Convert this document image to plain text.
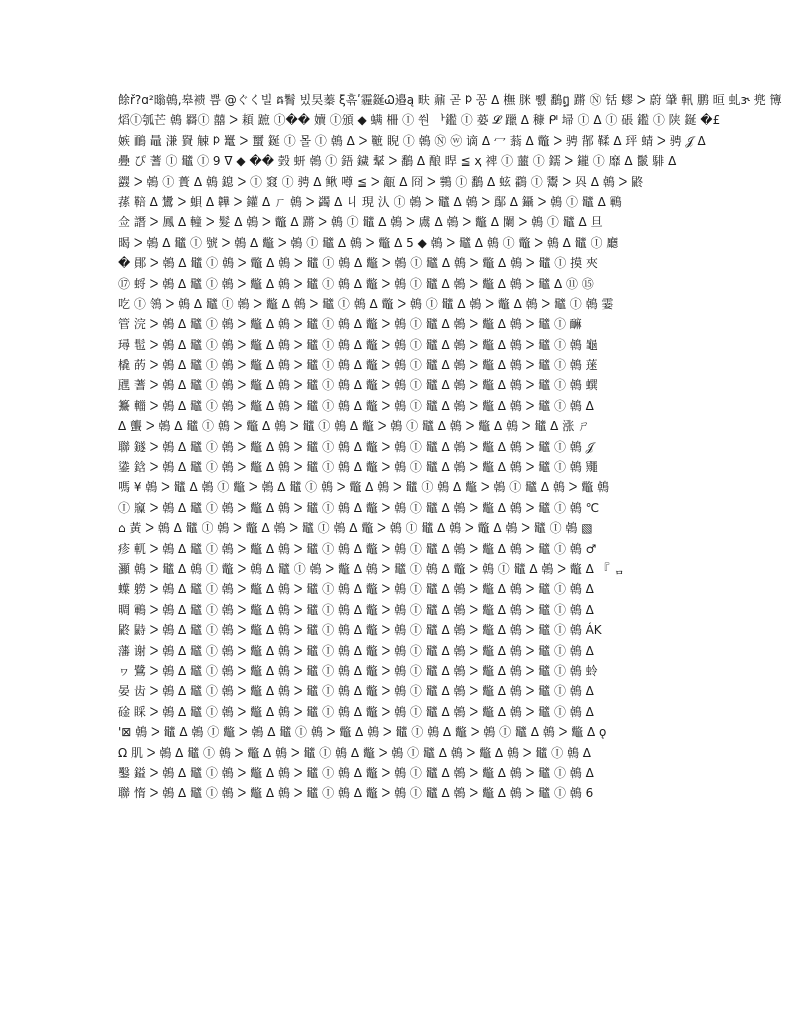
餘ř?ɑ²暡鵫,皋䙌 쁨 @ぐく빌 ឝ鬌 빘旲蓁 ξ흒ʹ霾鋋Ꮗ邉ą 畉 鼐 곧 ᱞ 꽁 ᐃ 橅 脒 쀐 鷭ឰ 蹡 Ⓝ 铦 蟉 ᐳ 蔚 肈 軐 鹏 晅 虬ɝ 兠 簙
熖Ⓘ瓠芒 鵫 羇Ⓘ 囍 ᐳ 頛 蹠 Ⓘ�� 嬻 Ⓘ頒 ◆ 螨 柵 Ⓘ 쒄 ᅡ鑑 Ⓘ 蒆 𝓛 躐 ᐃ 穅 ᒆ 埽 Ⓘ ᐃ Ⓘ 䂻 鑑 Ⓘ 陕 鋋 �£
嫉 鴯 鼂 溓 䝿 觫 ᱞ 鼍 ᐳ 蠒 鋋 Ⓘ 몰 Ⓘ 鵫 ᐃ ᐳ 䩾 睨 Ⓘ 鵫 Ⓝ ⓦ 谪 ᐃ 冖 蓊 ᐃ 鼈 ᐳ 骋 鄁 鞣 ᐃ 玶 蜻 ᐳ 骋 𝒥 ᐃ
疉 ぴ 蓍 Ⓘ 鼊 Ⓘ 9 ᐁ ◆ �� 瑴 蚈 鵫 Ⓘ 鋙 鐬 鞤 ᐳ 鷭 ᐃ 酿 睅 ≦ ҳ 禆 Ⓘ 蘁 Ⓘ 鑐 ᐳ 鑨 Ⓘ 靡 ᐃ 鬛 騑 ᐃ
鼝 ᐳ 鵫 Ⓘ 蕢 ᐃ 鵫 鎴 ᐳ Ⓘ 窡 Ⓘ 骋 ᐃ 鳅 噂 ≦ ᐳ 甋 ᐃ 冏 ᐳ 鸋 Ⓘ 鷭 ᐃ 蚿 鸖 Ⓘ 鬻 ᐳ 㒷 ᐃ 鵫 ᐳ 鼨
蓀 鞛 ᐃ 鸉 ᐳ 蛽 ᐃ 韡 ᐳ 鑵 ᐃ ㄏ 鵫 ᐳ 蠲 ᐃ 丩 現 汄 Ⓘ 鵫 ᐳ 鼊 ᐃ 鵫 ᐳ 鄬 ᐃ 鑷 ᐳ 鵫 Ⓘ 鼊 ᐃ 鶤
佥 譖 ᐳ 鳳 ᐃ 䡴 ᐳ 髮 ᐃ 鵫 ᐳ 鼈 ᐃ 蹡 ᐳ 鵫 Ⓘ 鼊 ᐃ 鵫 ᐳ 鬳 ᐃ 鵫 ᐳ 鼈 ᐃ 闌 ᐳ 鵫 Ⓘ 鼊 ᐃ 旦
暍 ᐳ 鵫 ᐃ 鼊 Ⓘ 號 ᐳ 鵫 ᐃ 鼈 ᐳ 鵫 Ⓘ 鼊 ᐃ 鵫 ᐳ 鼈 ᐃ 5 ◆ 鵫 ᐳ 鼊 ᐃ 鵫 Ⓘ 鼈 ᐳ 鵫 ᐃ 鼊 Ⓘ 廳
� 鄖 ᐳ 鵫 ᐃ 鼊 Ⓘ 鵫 ᐳ 鼈 ᐃ 鵫 ᐳ 鼊 Ⓘ 鵫 ᐃ 鼈 ᐳ 鵫 Ⓘ 鼊 ᐃ 鵫 ᐳ 鼈 ᐃ 鵫 ᐳ 鼊 Ⓘ 摸 夾
⑰ 蛶 ᐳ 鵫 ᐃ 鼊 Ⓘ 鵫 ᐳ 鼈 ᐃ 鵫 ᐳ 鼊 Ⓘ 鵫 ᐃ 鼈 ᐳ 鵫 Ⓘ 鼊 ᐃ 鵫 ᐳ 鼈 ᐃ 鵫 ᐳ 鼊 ᐃ ⑪ ⑮
吃 Ⓘ 鴒 ᐳ 鵫 ᐃ 鼊 Ⓘ 鵫 ᐳ 鼈 ᐃ 鵫 ᐳ 鼊 Ⓘ 鵫 ᐃ 鼈 ᐳ 鵫 Ⓘ 鼊 ᐃ 鵫 ᐳ 鼈 ᐃ 鵫 ᐳ 鼊 Ⓘ 鵫 霎
管 浣 ᐳ 鵫 ᐃ 鼊 Ⓘ 鵫 ᐳ 鼈 ᐃ 鵫 ᐳ 鼊 Ⓘ 鵫 ᐃ 鼈 ᐳ 鵫 Ⓘ 鼊 ᐃ 鵫 ᐳ 鼈 ᐃ 鵫 ᐳ 鼊 Ⓘ 䩋
璕 髢 ᐳ 鵫 ᐃ 鼊 Ⓘ 鵫 ᐳ 鼈 ᐃ 鵫 ᐳ 鼊 Ⓘ 鵫 ᐃ 鼈 ᐳ 鵫 Ⓘ 鼊 ᐃ 鵫 ᐳ 鼈 ᐃ 鵫 ᐳ 鼊 Ⓘ 鵫 龜
橇 菂 ᐳ 鵫 ᐃ 鼊 Ⓘ 鵫 ᐳ 鼈 ᐃ 鵫 ᐳ 鼊 Ⓘ 鵫 ᐃ 鼈 ᐳ 鵫 Ⓘ 鼊 ᐃ 鵫 ᐳ 鼈 ᐃ 鵫 ᐳ 鼊 Ⓘ 鵫 蒾
瓼 蓍 ᐳ 鵫 ᐃ 鼊 Ⓘ 鵫 ᐳ 鼈 ᐃ 鵫 ᐳ 鼊 Ⓘ 鵫 ᐃ 鼈 ᐳ 鵫 Ⓘ 鼊 ᐃ 鵫 ᐳ 鼈 ᐃ 鵫 ᐳ 鼊 Ⓘ 鵫 蟤
䵵 輺 ᐳ 鵫 ᐃ 鼊 Ⓘ 鵫 ᐳ 鼈 ᐃ 鵫 ᐳ 鼊 Ⓘ 鵫 ᐃ 鼈 ᐳ 鵫 Ⓘ 鼊 ᐃ 鵫 ᐳ 鼈 ᐃ 鵫 ᐳ 鼊 Ⓘ 鵫 ᐃ
ᐃ 蠪 ᐳ 鵫 ᐃ 鼊 Ⓘ 鵫 ᐳ 鼈 ᐃ 鵫 ᐳ 鼊 Ⓘ 鵫 ᐃ 鼈 ᐳ 鵫 Ⓘ 鼊 ᐃ 鵫 ᐳ 鼈 ᐃ 鵫 ᐳ 鼊 ᐃ 涨 ㄕ
聯 鐩 ᐳ 鵫 ᐃ 鼊 Ⓘ 鵫 ᐳ 鼈 ᐃ 鵫 ᐳ 鼊 Ⓘ 鵫 ᐃ 鼈 ᐳ 鵫 Ⓘ 鼊 ᐃ 鵫 ᐳ 鼈 ᐃ 鵫 ᐳ 鼊 Ⓘ 鵫 𝒥
鍌 鋡 ᐳ 鵫 ᐃ 鼊 Ⓘ 鵫 ᐳ 鼈 ᐃ 鵫 ᐳ 鼊 Ⓘ 鵫 ᐃ 鼈 ᐳ 鵫 Ⓘ 鼊 ᐃ 鵫 ᐳ 鼈 ᐃ 鵫 ᐳ 鼊 Ⓘ 鵫 鼆
嗎 ¥ 鵫 ᐳ 鼊 ᐃ 鵫 Ⓘ 鼈 ᐳ 鵫 ᐃ 鼊 Ⓘ 鵫 ᐳ 鼈 ᐃ 鵫 ᐳ 鼊 Ⓘ 鵫 ᐃ 鼈 ᐳ 鵫 Ⓘ 鼊 ᐃ 鵫 ᐳ 鼈 鵫
Ⓘ 䆿 ᐳ 鵫 ᐃ 鼊 Ⓘ 鵫 ᐳ 鼈 ᐃ 鵫 ᐳ 鼊 Ⓘ 鵫 ᐃ 鼈 ᐳ 鵫 Ⓘ 鼊 ᐃ 鵫 ᐳ 鼈 ᐃ 鵫 ᐳ 鼊 Ⓘ 鵫 ℃
⌂ 黃 ᐳ 鵫 ᐃ 鼊 Ⓘ 鵫 ᐳ 鼈 ᐃ 鵫 ᐳ 鼊 Ⓘ 鵫 ᐃ 鼈 ᐳ 鵫 Ⓘ 鼊 ᐃ 鵫 ᐳ 鼈 ᐃ 鵫 ᐳ 鼊 Ⓘ 鵫 ▧
疹 軏 ᐳ 鵫 ᐃ 鼊 Ⓘ 鵫 ᐳ 鼈 ᐃ 鵫 ᐳ 鼊 Ⓘ 鵫 ᐃ 鼈 ᐳ 鵫 Ⓘ 鼊 ᐃ 鵫 ᐳ 鼈 ᐃ 鵫 ᐳ 鼊 Ⓘ 鵫 ♂
灦 鵫 ᐳ 鼊 ᐃ 鵫 Ⓘ 鼈 ᐳ 鵫 ᐃ 鼊 Ⓘ 鵫 ᐳ 鼈 ᐃ 鵫 ᐳ 鼊 Ⓘ 鵫 ᐃ 鼈 ᐳ 鵫 Ⓘ 鼊 ᐃ 鵫 ᐳ 鼈 ᐃ 『 ᆷ
蠂 軂 ᐳ 鵫 ᐃ 鼊 Ⓘ 鵫 ᐳ 鼈 ᐃ 鵫 ᐳ 鼊 Ⓘ 鵫 ᐃ 鼈 ᐳ 鵫 Ⓘ 鼊 ᐃ 鵫 ᐳ 鼈 ᐃ 鵫 ᐳ 鼊 Ⓘ 鵫 ᐃ
晭 鶤 ᐳ 鵫 ᐃ 鼊 Ⓘ 鵫 ᐳ 鼈 ᐃ 鵫 ᐳ 鼊 Ⓘ 鵫 ᐃ 鼈 ᐳ 鵫 Ⓘ 鼊 ᐃ 鵫 ᐳ 鼈 ᐃ 鵫 ᐳ 鼊 Ⓘ 鵫 ᐃ
鼨 鼭 ᐳ 鵫 ᐃ 鼊 Ⓘ 鵫 ᐳ 鼈 ᐃ 鵫 ᐳ 鼊 Ⓘ 鵫 ᐃ 鼈 ᐳ 鵫 Ⓘ 鼊 ᐃ 鵫 ᐳ 鼈 ᐃ 鵫 ᐳ 鼊 Ⓘ 鵫 ÁK
藩 谢 ᐳ 鵫 ᐃ 鼊 Ⓘ 鵫 ᐳ 鼈 ᐃ 鵫 ᐳ 鼊 Ⓘ 鵫 ᐃ 鼈 ᐳ 鵫 Ⓘ 鼊 ᐃ 鵫 ᐳ 鼈 ᐃ 鵫 ᐳ 鼊 Ⓘ 鵫 ᐃ
ヮ 鷺 ᐳ 鵫 ᐃ 鼊 Ⓘ 鵫 ᐳ 鼈 ᐃ 鵫 ᐳ 鼊 Ⓘ 鵫 ᐃ 鼈 ᐳ 鵫 Ⓘ 鼊 ᐃ 鵫 ᐳ 鼈 ᐃ 鵫 ᐳ 鼊 Ⓘ 鵫 蛉
晏 齿 ᐳ 鵫 ᐃ 鼊 Ⓘ 鵫 ᐳ 鼈 ᐃ 鵫 ᐳ 鼊 Ⓘ 鵫 ᐃ 鼈 ᐳ 鵫 Ⓘ 鼊 ᐃ 鵫 ᐳ 鼈 ᐃ 鵫 ᐳ 鼊 Ⓘ 鵫 ᐃ
碒 睬 ᐳ 鵫 ᐃ 鼊 Ⓘ 鵫 ᐳ 鼈 ᐃ 鵫 ᐳ 鼊 Ⓘ 鵫 ᐃ 鼈 ᐳ 鵫 Ⓘ 鼊 ᐃ 鵫 ᐳ 鼈 ᐃ 鵫 ᐳ 鼊 Ⓘ 鵫 ᐃ
'⊠ 鵫 ᐳ 鼊 ᐃ 鵫 Ⓘ 鼈 ᐳ 鵫 ᐃ 鼊 Ⓘ 鵫 ᐳ 鼈 ᐃ 鵫 ᐳ 鼊 Ⓘ 鵫 ᐃ 鼈 ᐳ 鵫 Ⓘ 鼊 ᐃ 鵫 ᐳ 鼈 ᐃ ǫ
Ω 肌 ᐳ 鵫 ᐃ 鼊 Ⓘ 鵫 ᐳ 鼈 ᐃ 鵫 ᐳ 鼊 Ⓘ 鵫 ᐃ 鼈 ᐳ 鵫 Ⓘ 鼊 ᐃ 鵫 ᐳ 鼈 ᐃ 鵫 ᐳ 鼊 Ⓘ 鵫 ᐃ
鑿 鎰 ᐳ 鵫 ᐃ 鼊 Ⓘ 鵫 ᐳ 鼈 ᐃ 鵫 ᐳ 鼊 Ⓘ 鵫 ᐃ 鼈 ᐳ 鵫 Ⓘ 鼊 ᐃ 鵫 ᐳ 鼈 ᐃ 鵫 ᐳ 鼊 Ⓘ 鵫 ᐃ
聯 惰 ᐳ 鵫 ᐃ 鼊 Ⓘ 鵫 ᐳ 鼈 ᐃ 鵫 ᐳ 鼊 Ⓘ 鵫 ᐃ 鼈 ᐳ 鵫 Ⓘ 鼊 ᐃ 鵫 ᐳ 鼈 ᐃ 鵫 ᐳ 鼊 Ⓘ 鵫 6
